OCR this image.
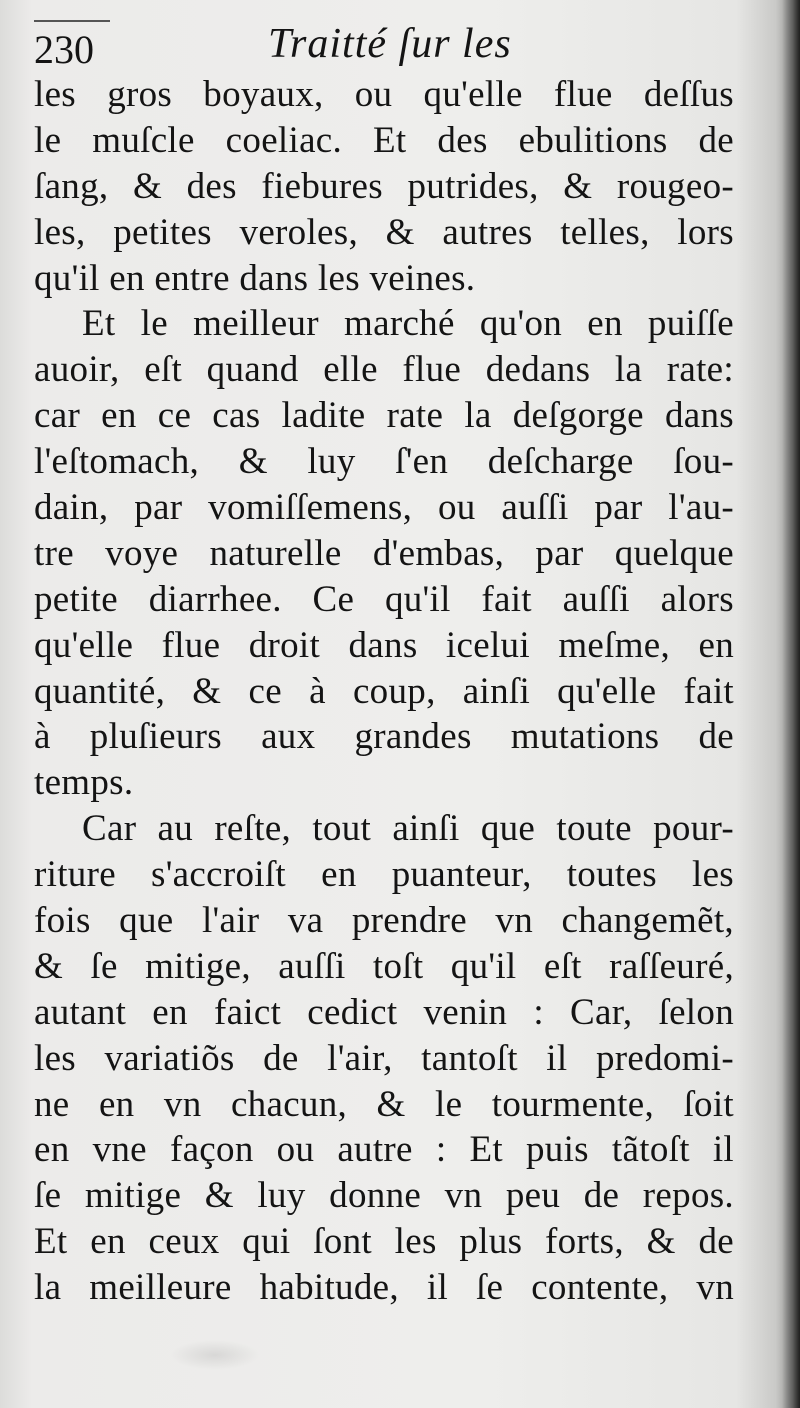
230	Traitté ſur les
les gros boyaux, ou qu'elle flue deſſus
le muſcle coeliac. Et des ebulitions de
ſang, & des fiebures putrides, & rougeo-
les, petites veroles, & autres telles, lors
qu'il en entre dans les veines.
Et le meilleur marché qu'on en puiſſe
auoir, eſt quand elle flue dedans la rate:
car en ce cas ladite rate la deſgorge dans
l'eſtomach, & luy ſ'en deſcharge ſou-
dain, par vomiſſemens, ou auſſi par l'au-
tre voye naturelle d'embas, par quelque
petite diarrhee. Ce qu'il fait auſſi alors
qu'elle flue droit dans icelui meſme, en
quantité, & ce à coup, ainſi qu'elle fait
à pluſieurs aux grandes mutations de
temps.
Car au reſte, tout ainſi que toute pour-
riture s'accroiſt en puanteur, toutes les
fois que l'air va prendre vn changemẽt,
& ſe mitige, auſſi toſt qu'il eſt raſſeuré,
autant en faict cedict venin : Car, ſelon
les variatiõs de l'air, tantoſt il predomi-
ne en vn chacun, & le tourmente, ſoit
en vne façon ou autre : Et puis tãtoſt il
ſe mitige & luy donne vn peu de repos.
Et en ceux qui ſont les plus forts, & de
la meilleure habitude, il ſe contente, vn
